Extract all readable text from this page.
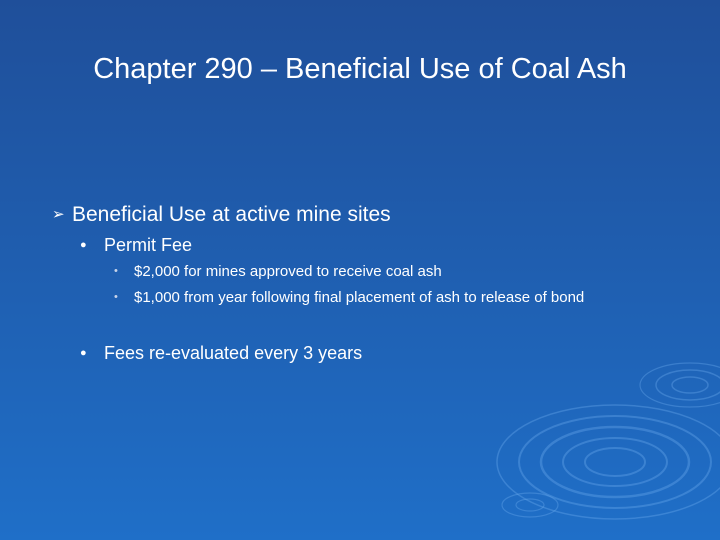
Chapter 290 – Beneficial Use of Coal Ash
➢ Beneficial Use at active mine sites
● Permit Fee
•	$2,000 for mines approved to receive coal ash
•	$1,000 from year following final placement of ash to release of bond
● Fees re-evaluated every 3 years
